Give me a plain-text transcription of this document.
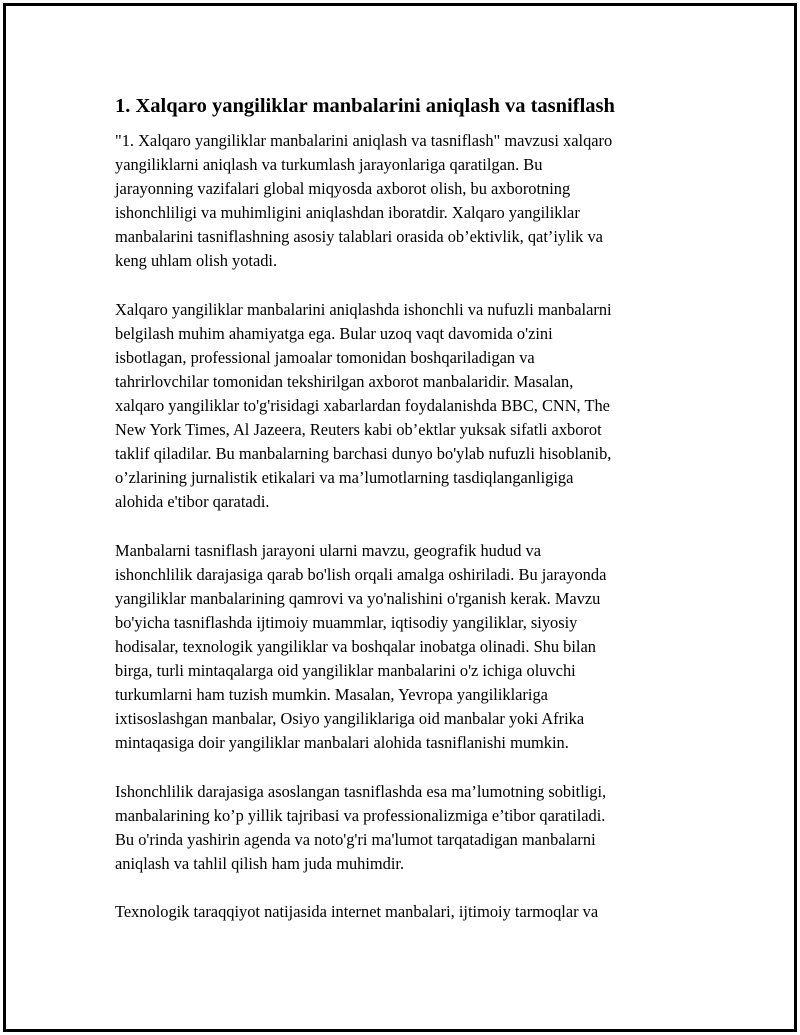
1. Xalqaro yangiliklar manbalarini aniqlash va tasniflash

"1. Xalqaro yangiliklar manbalarini aniqlash va tasniflash" mavzusi xalqaro
yangiliklarni aniqlash va turkumlash jarayonlariga qaratilgan. Bu
jarayonning vazifalari global miqyosda axborot olish, bu axborotning
ishonchliligi va muhimligini aniqlashdan iboratdir. Xalqaro yangiliklar
manbalarini tasniflashning asosiy talablari orasida ob’ektivlik, qat’iylik va
keng uhlam olish yotadi.

Xalqaro yangiliklar manbalarini aniqlashda ishonchli va nufuzli manbalarni
belgilash muhim ahamiyatga ega. Bular uzoq vaqt davomida o'zini
isbotlagan, professional jamoalar tomonidan boshqariladigan va
tahrirlovchilar tomonidan tekshirilgan axborot manbalaridir. Masalan,
xalqaro yangiliklar to'g'risidagi xabarlardan foydalanishda BBC, CNN, The
New York Times, Al Jazeera, Reuters kabi ob’ektlar yuksak sifatli axborot
taklif qiladilar. Bu manbalarning barchasi dunyo bo'ylab nufuzli hisoblanib,
o’zlarining jurnalistik etikalari va ma’lumotlarning tasdiqlanganligiga
alohida e'tibor qaratadi.

Manbalarni tasniflash jarayoni ularni mavzu, geografik hudud va
ishonchlilik darajasiga qarab bo'lish orqali amalga oshiriladi. Bu jarayonda
yangiliklar manbalarining qamrovi va yo'nalishini o'rganish kerak. Mavzu
bo'yicha tasniflashda ijtimoiy muammlar, iqtisodiy yangiliklar, siyosiy
hodisalar, texnologik yangiliklar va boshqalar inobatga olinadi. Shu bilan
birga, turli mintaqalarga oid yangiliklar manbalarini o'z ichiga oluvchi
turkumlarni ham tuzish mumkin. Masalan, Yevropa yangiliklariga
ixtisoslashgan manbalar, Osiyo yangiliklariga oid manbalar yoki Afrika
mintaqasiga doir yangiliklar manbalari alohida tasniflanishi mumkin.

Ishonchlilik darajasiga asoslangan tasniflashda esa ma’lumotning sobitligi,
manbalarining ko’p yillik tajribasi va professionalizmiga e’tibor qaratiladi.
Bu o'rinda yashirin agenda va noto'g'ri ma'lumot tarqatadigan manbalarni
aniqlash va tahlil qilish ham juda muhimdir.

Texnologik taraqqiyot natijasida internet manbalari, ijtimoiy tarmoqlar va
